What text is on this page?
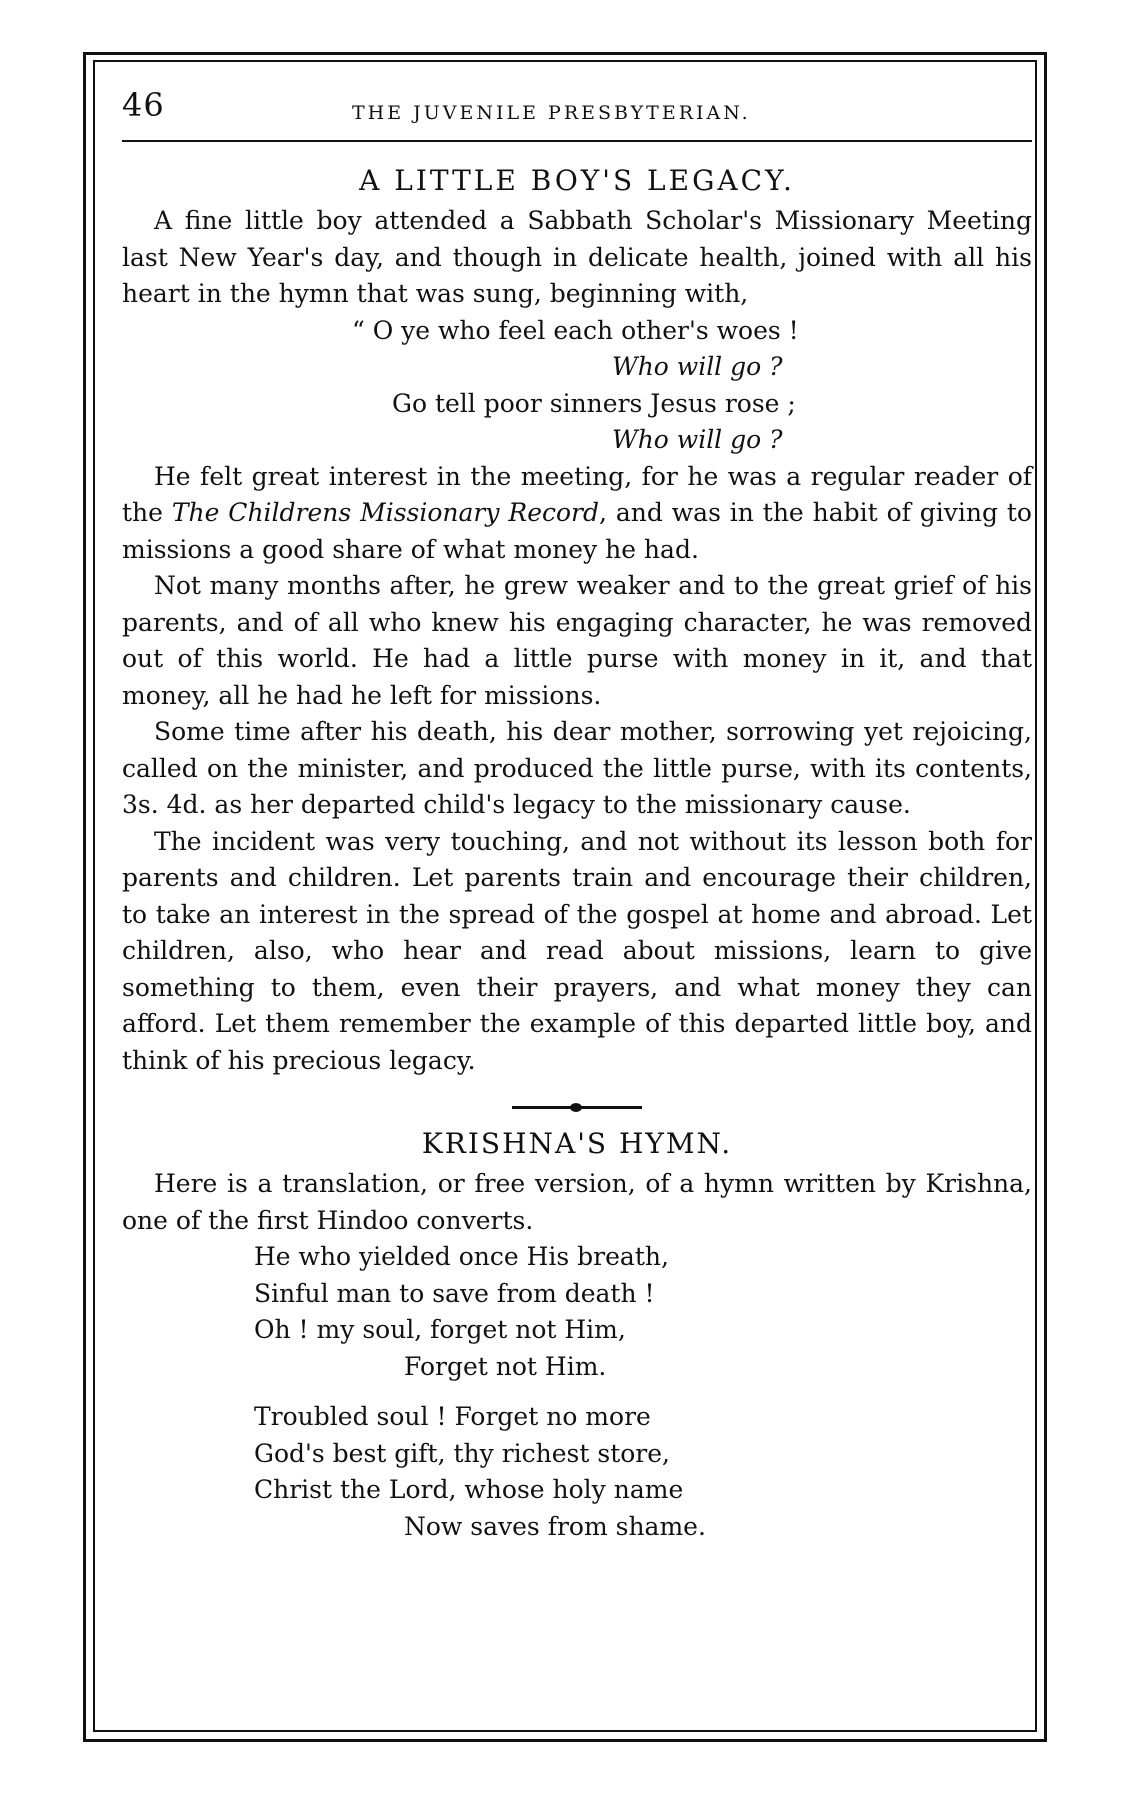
46	THE JUVENILE PRESBYTERIAN.
A LITTLE BOY'S LEGACY.

A fine little boy attended a Sabbath Scholar's Missionary Meeting last New Year's day, and though in delicate health, joined with all his heart in the hymn that was sung, beginning with,

“ O ye who feel each other's woes !

Who will go ?

Go tell poor sinners Jesus rose ;

Who will go ?

He felt great interest in the meeting, for he was a regular reader of the The Childrens Missionary Record, and was in the habit of giving to missions a good share of what money he had.

Not many months after, he grew weaker and to the great grief of his parents, and of all who knew his engaging character, he was removed out of this world. He had a little purse with money in it, and that money, all he had he left for missions.

Some time after his death, his dear mother, sorrowing yet rejoicing, called on the minister, and produced the little purse, with its contents, 3s. 4d. as her departed child's legacy to the missionary cause.

The incident was very touching, and not without its lesson both for parents and children. Let parents train and encourage their children, to take an interest in the spread of the gospel at home and abroad. Let children, also, who hear and read about missions, learn to give something to them, even their prayers, and what money they can afford. Let them remember the example of this departed little boy, and think of his precious legacy.

KRISHNA'S HYMN.

Here is a translation, or free version, of a hymn written by Krishna, one of the first Hindoo converts.

He who yielded once His breath,

Sinful man to save from death !

Oh ! my soul, forget not Him,

Forget not Him.

Troubled soul ! Forget no more

God's best gift, thy richest store,

Christ the Lord, whose holy name

Now saves from shame.
